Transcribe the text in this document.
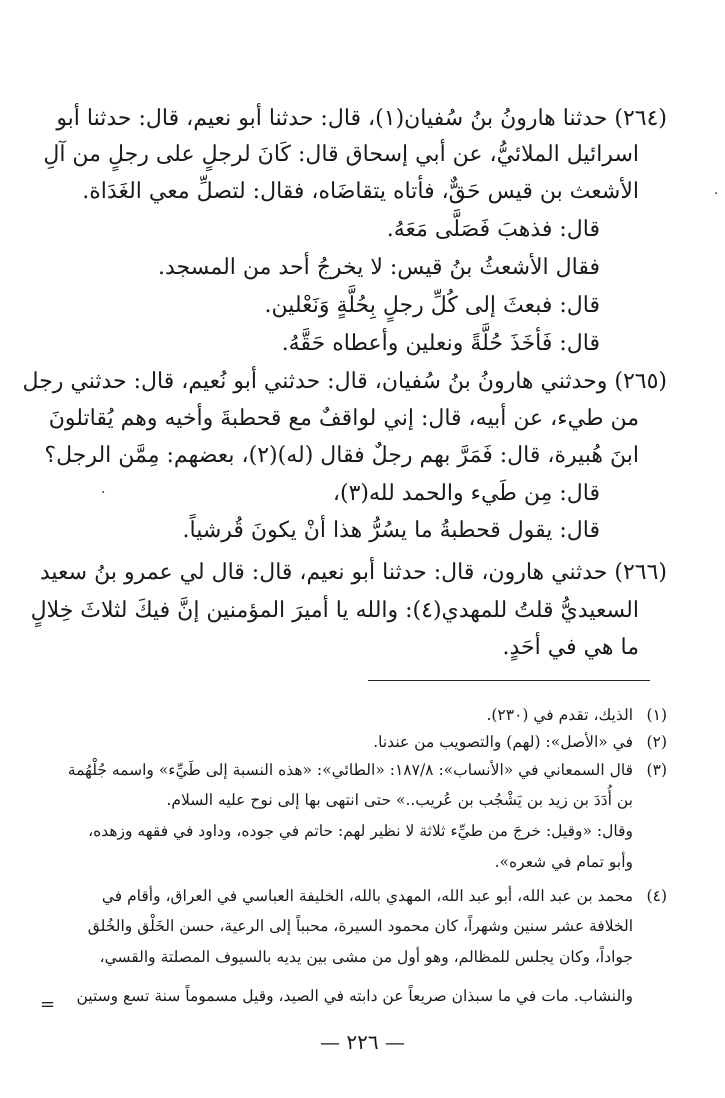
(٢٦٤) حدثنا هارونُ بنُ سُفيان(١)، قال: حدثنا أبو نعيم، قال: حدثنا أبو
اسرائيل الملائيُّ، عن أبي إسحاق قال: كَانَ لرجلٍ على رجلٍ من آلِ
الأشعث بن قيس حَقٌّ، فأتاه يتقاضَاه، فقال: لتصلِّ معي الغَدَاة.
قال: فذهبَ فَصَلَّى مَعَهُ.
فقال الأشعثُ بنُ قيس: لا يخرجُ أحد من المسجد.
قال: فبعثَ إلى كُلِّ رجلٍ بِحُلَّةٍ وَنَعْلين.
قال: فَأخَذَ حُلَّةً ونعلين وأعطاه حَقَّهُ.
(٢٦٥) وحدثني هارونُ بنُ سُفيان، قال: حدثني أبو نُعيم، قال: حدثني رجل
من طيء، عن أبيه، قال: إني لواقفٌ مع قحطبةَ وأخيه وهم يُقاتلونَ
ابنَ هُبيرة، قال: فَمَرَّ بهم رجلٌ فقال (له)(٢)، بعضهم: مِمَّن الرجل؟
قال: مِن طَيء والحمد لله(٣)،
قال: يقول قحطبةُ ما يسُرُّ هذا أنْ يكونَ قُرشياً.
(٢٦٦) حدثني هارون، قال: حدثنا أبو نعيم، قال: قال لي عمرو بنُ سعيد
السعيديُّ قلتُ للمهدي(٤): والله يا أميرَ المؤمنين إنَّ فيكَ لثلاثَ خِلالٍ
ما هي في أحَدٍ.
(١)
(٢)
(٣)
(٤)
الذيك، تقدم في (٢٣٠).
في «الأصل»: (لهم) والتصويب من عندنا.
قال السمعاني في «الأنساب»: ١٨٧/٨: «الطائي»: «هذه النسبة إلى طَيِّء» واسمه جُلْهُمة
بن أُدَدَ بن زيد بن يَشْجُب بن عُريب..» حتى انتهى بها إلى نوح عليه السلام.
وقال: «وقيل: خرجَ من طيِّء ثلاثة لا نظير لهم: حاتم في جوده، وداود في فقهه وزهده،
وأبو تمام في شعره».
محمد بن عبد الله، أبو عبد الله، المهدي بالله، الخليفة العباسي في العراق، وأقام في
الخلافة عشر سنين وشهراً، كان محمود السيرة، محبباً إلى الرعية، حسن الخَلْق والخُلق
جواداً، وكان يجلس للمظالم، وهو أول من مشى بين يديه بالسيوف المصلتة والقسي،
والنشاب. مات في ما سبذان صريعاً عن دابته في الصيد، وقيل مسموماً سنة تسع وستين
=
— ٢٢٦ —
·
·
